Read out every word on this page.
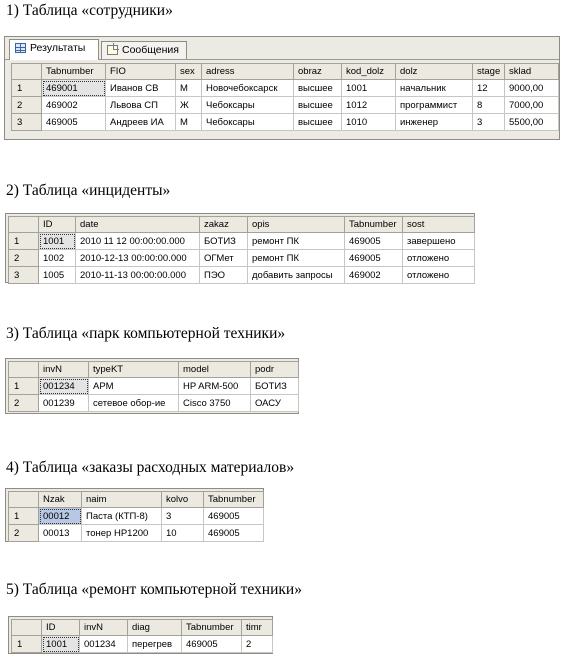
1) Таблица «сотрудники»
Результаты	Сообщения
	Tabnumber	FIO	sex	adress	obraz	kod_dolz	dolz	stage	sklad
1	469001	Иванов СВ	М	Новочебоксарск	высшее	1001	начальник	12	9000,00
2	469002	Львова СП	Ж	Чебоксары	высшее	1012	программист	8	7000,00
3	469005	Андреев ИА	М	Чебоксары	высшее	1010	инженер	3	5500,00
2) Таблица «инциденты»
	ID	date	zakaz	opis	Tabnumber	sost
1	1001	2010 11 12 00:00:00.000	БОТИЗ	ремонт ПК	469005	завершено
2	1002	2010-12-13 00:00:00.000	ОГМет	ремонт ПК	469005	отложено
3	1005	2010-11-13 00:00:00.000	ПЭО	добавить запросы	469002	отложено
3) Таблица «парк компьютерной техники»
	invN	typeKT	model	podr
1	001234	АРМ	HP ARM-500	БОТИЗ
2	001239	сетевое обор-ие	Cisco 3750	ОАСУ
4) Таблица «заказы расходных материалов»
	Nzak	naim	kolvo	Tabnumber
1	00012	Паста (КТП-8)	3	469005
2	00013	тонер HP1200	10	469005
5) Таблица «ремонт компьютерной техники»
	ID	invN	diag	Tabnumber	timr
1	1001	001234	перегрев	469005	2
